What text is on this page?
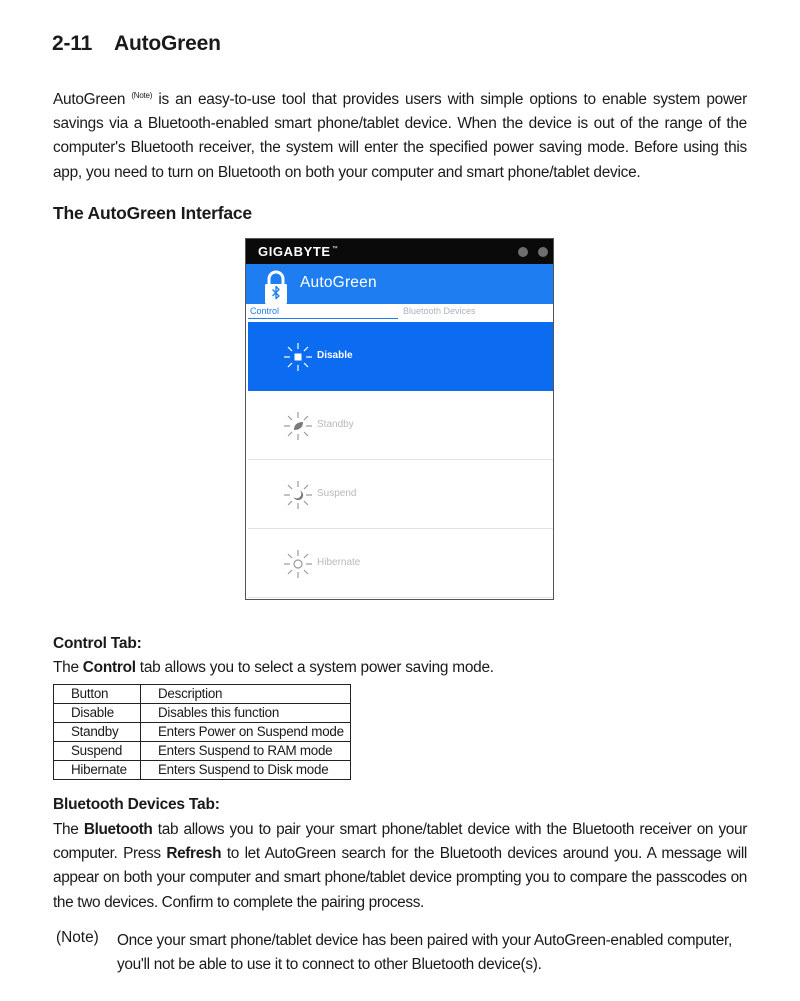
2-11 AutoGreen
AutoGreen $^{(Note)}$ is an easy-to-use tool that provides users with simple options to enable system power savings via a Bluetooth-enabled smart phone/tablet device. When the device is out of the range of the computer's Bluetooth receiver, the system will enter the specified power saving mode. Before using this app, you need to turn on Bluetooth on both your computer and smart phone/tablet device.
The AutoGreen Interface
GIGABYTE™
AutoGreen
Control	Bluetooth Devices
Disable
Standby
Suspend
Hibernate
Control Tab:
The Control tab allows you to select a system power saving mode.
Button	Description
Disable	Disables this function
Standby	Enters Power on Suspend mode
Suspend	Enters Suspend to RAM mode
Hibernate	Enters Suspend to Disk mode
Bluetooth Devices Tab:
The Bluetooth tab allows you to pair your smart phone/tablet device with the Bluetooth receiver on your computer. Press Refresh to let AutoGreen search for the Bluetooth devices around you. A message will appear on both your computer and smart phone/tablet device prompting you to compare the passcodes on the two devices. Confirm to complete the pairing process.
(Note) Once your smart phone/tablet device has been paired with your AutoGreen-enabled computer, you'll not be able to use it to connect to other Bluetooth device(s).
